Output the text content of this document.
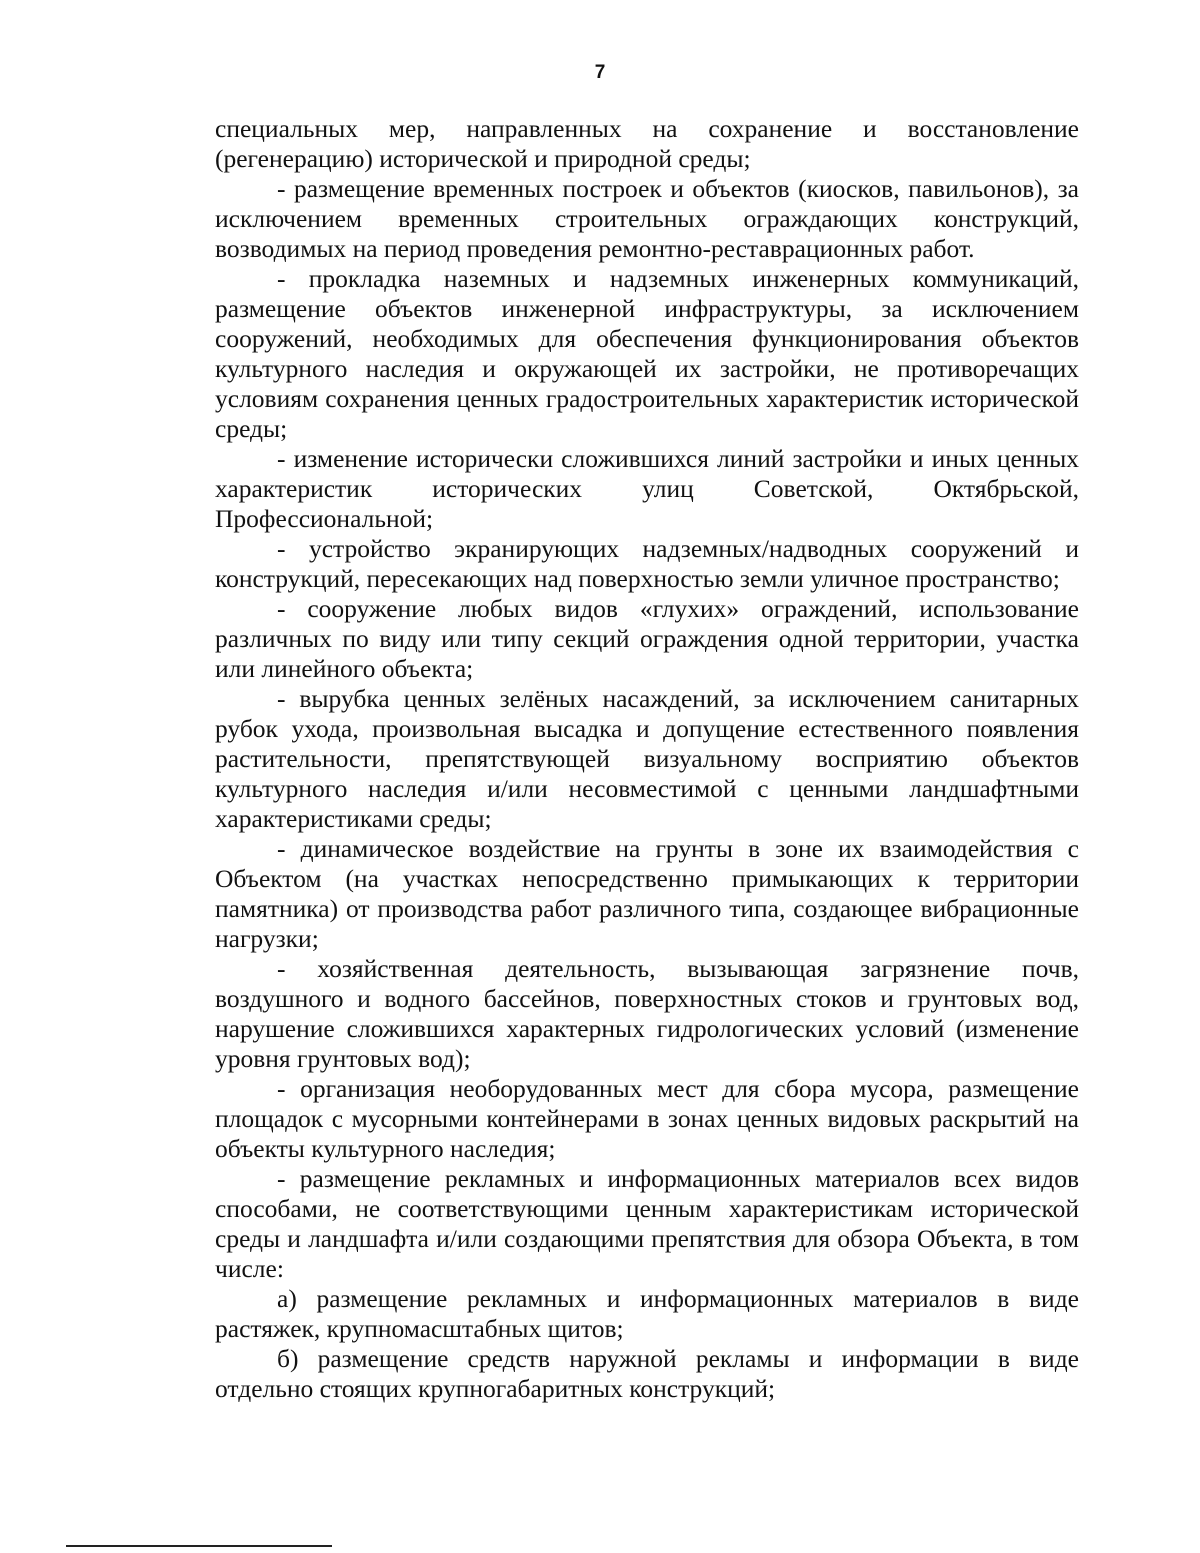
7

специальных мер, направленных на сохранение и восстановление (регенерацию) исторической и природной среды;

- размещение временных построек и объектов (киосков, павильонов), за исключением временных строительных ограждающих конструкций, возводимых на период проведения ремонтно-реставрационных работ.

- прокладка наземных и надземных инженерных коммуникаций, размещение объектов инженерной инфраструктуры, за исключением сооружений, необходимых для обеспечения функционирования объектов культурного наследия и окружающей их застройки, не противоречащих условиям сохранения ценных градостроительных характеристик исторической среды;

- изменение исторически сложившихся линий застройки и иных ценных характеристик исторических улиц Советской, Октябрьской, Профессиональной;

- устройство экранирующих надземных/надводных сооружений и конструкций, пересекающих над поверхностью земли уличное пространство;

- сооружение любых видов «глухих» ограждений, использование различных по виду или типу секций ограждения одной территории, участка или линейного объекта;

- вырубка ценных зелёных насаждений, за исключением санитарных рубок ухода, произвольная высадка и допущение естественного появления растительности, препятствующей визуальному восприятию объектов культурного наследия и/или несовместимой с ценными ландшафтными характеристиками среды;

- динамическое воздействие на грунты в зоне их взаимодействия с Объектом (на участках непосредственно примыкающих к территории памятника) от производства работ различного типа, создающее вибрационные нагрузки;

- хозяйственная деятельность, вызывающая загрязнение почв, воздушного и водного бассейнов, поверхностных стоков и грунтовых вод, нарушение сложившихся характерных гидрологических условий (изменение уровня грунтовых вод);

- организация необорудованных мест для сбора мусора, размещение площадок с мусорными контейнерами в зонах ценных видовых раскрытий на объекты культурного наследия;

- размещение рекламных и информационных материалов всех видов способами, не соответствующими ценным характеристикам исторической среды и ландшафта и/или создающими препятствия для обзора Объекта, в том числе:

а) размещение рекламных и информационных материалов в виде растяжек, крупномасштабных щитов;

б) размещение средств наружной рекламы и информации в виде отдельно стоящих крупногабаритных конструкций;
